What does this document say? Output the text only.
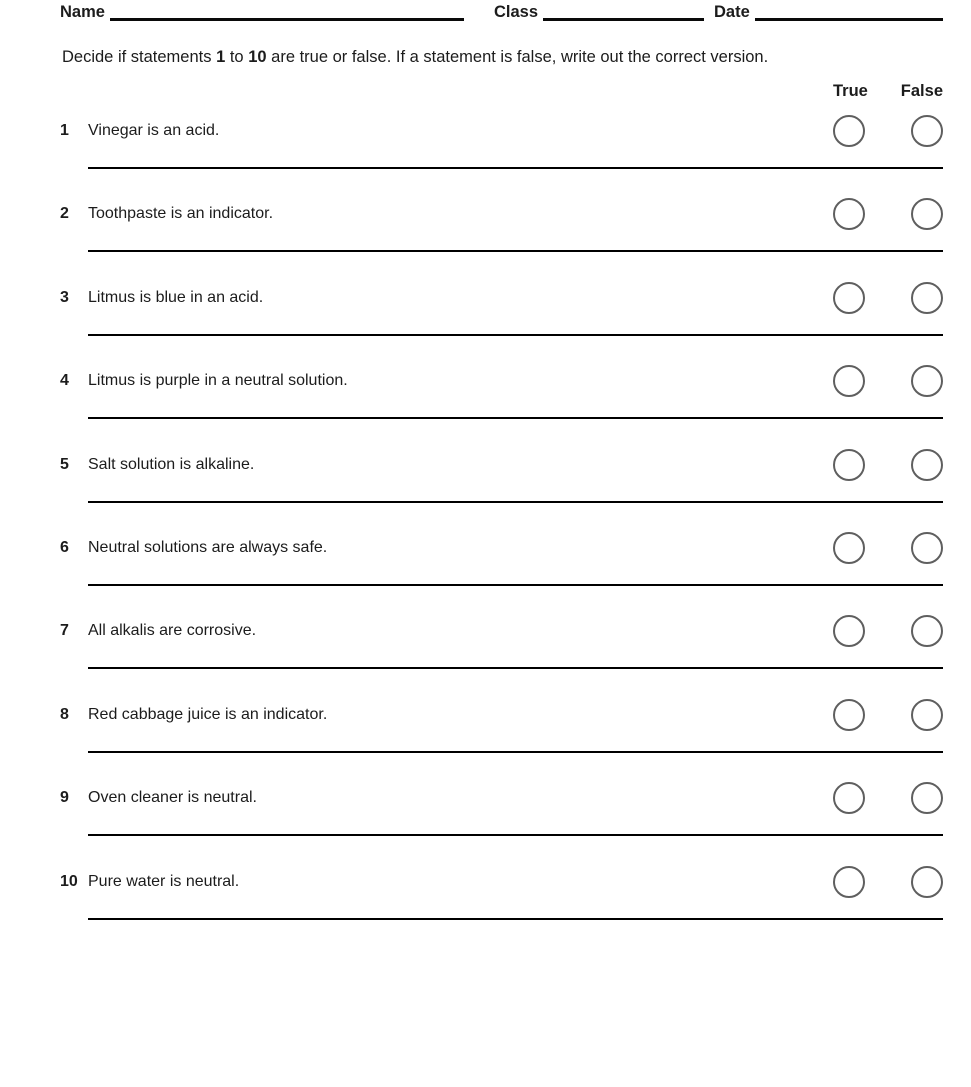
Name	Class	Date

Decide if statements 1 to 10 are true or false. If a statement is false, write out the correct version.

True False
1	Vinegar is an acid.
2	Toothpaste is an indicator.
3	Litmus is blue in an acid.
4	Litmus is purple in a neutral solution.
5	Salt solution is alkaline.
6	Neutral solutions are always safe.
7	All alkalis are corrosive.
8	Red cabbage juice is an indicator.
9	Oven cleaner is neutral.
10 Pure water is neutral.
